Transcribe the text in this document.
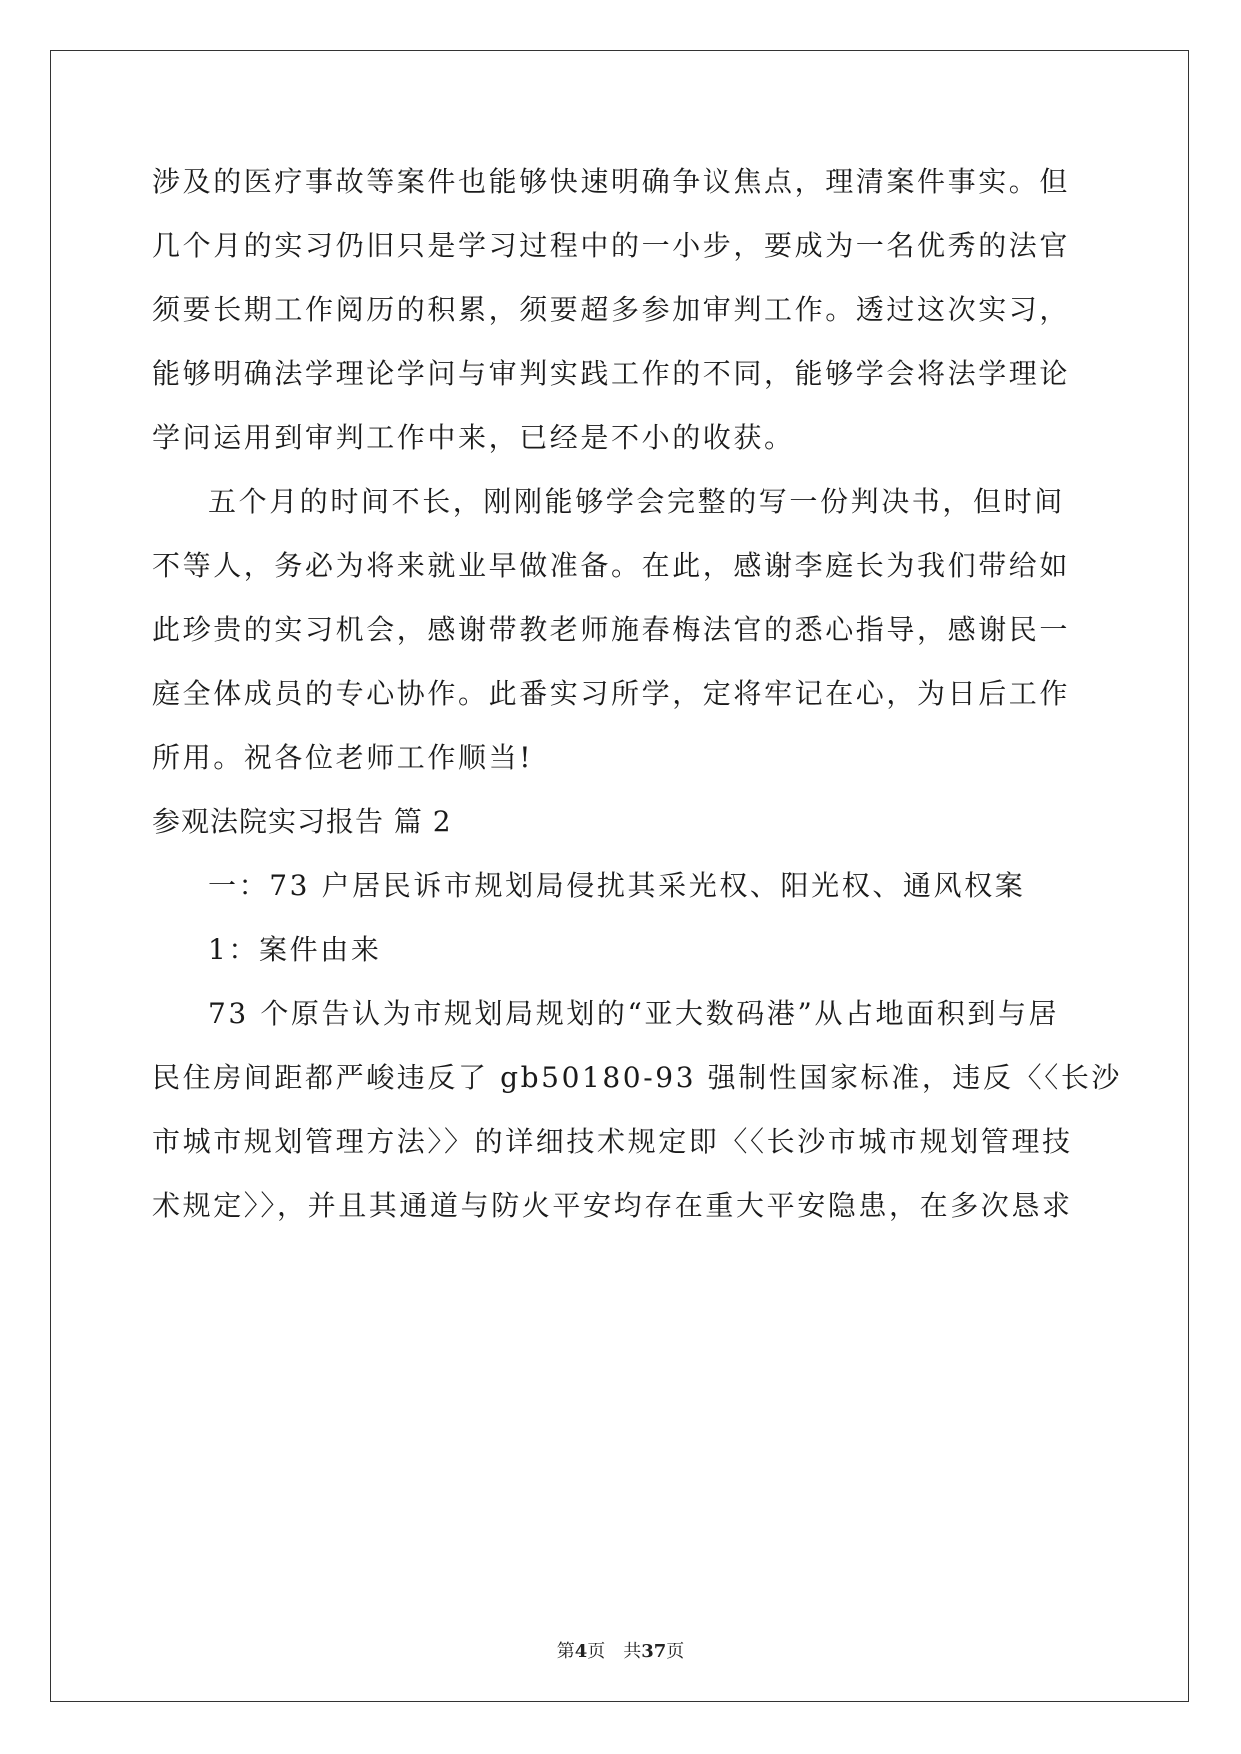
涉及的医疗事故等案件也能够快速明确争议焦点，理清案件事实。但
几个月的实习仍旧只是学习过程中的一小步，要成为一名优秀的法官
须要长期工作阅历的积累，须要超多参加审判工作。透过这次实习，
能够明确法学理论学问与审判实践工作的不同，能够学会将法学理论
学问运用到审判工作中来，已经是不小的收获。
五个月的时间不长，刚刚能够学会完整的写一份判决书，但时间
不等人，务必为将来就业早做准备。在此，感谢李庭长为我们带给如
此珍贵的实习机会，感谢带教老师施春梅法官的悉心指导，感谢民一
庭全体成员的专心协作。此番实习所学，定将牢记在心，为日后工作
所用。祝各位老师工作顺当!
参观法院实习报告 篇 2
一：73 户居民诉市规划局侵扰其采光权、阳光权、通风权案
1：案件由来
73 个原告认为市规划局规划的“亚大数码港”从占地面积到与居
民住房间距都严峻违反了 gb50180-93 强制性国家标准，违反〈〈长沙
市城市规划管理方法〉〉的详细技术规定即〈〈长沙市城市规划管理技
术规定〉〉，并且其通道与防火平安均存在重大平安隐患，在多次恳求
第4页　共37页
